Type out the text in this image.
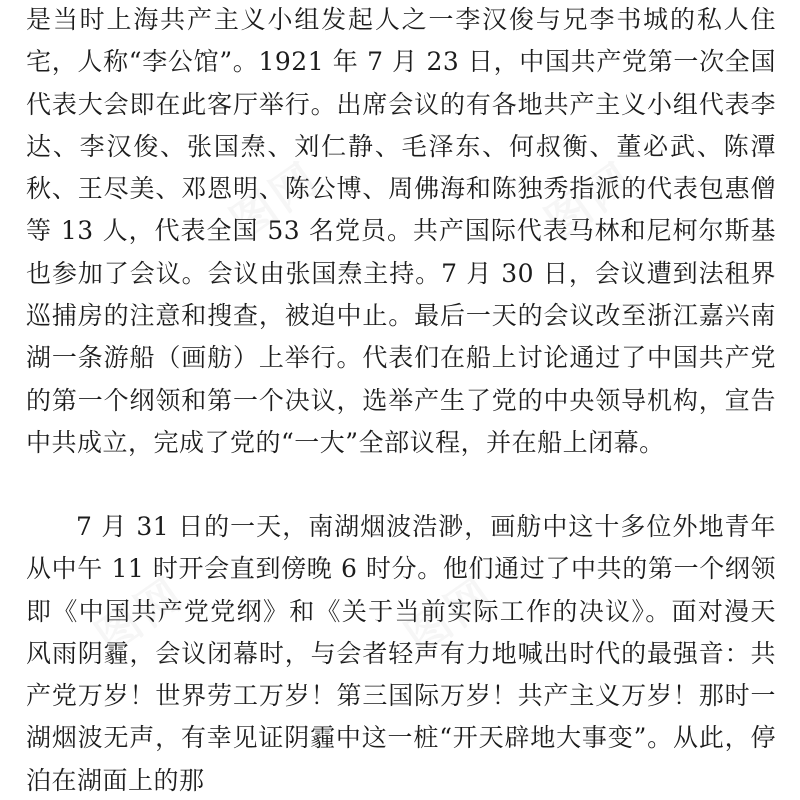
图网	图网
图网	图网

是当时上海共产主义小组发起人之一李汉俊与兄李书城的私人住宅，人称“李公馆”。1921 年 7 月 23 日，中国共产党第一次全国代表大会即在此客厅举行。出席会议的有各地共产主义小组代表李达、李汉俊、张国焘、刘仁静、毛泽东、何叔衡、董必武、陈潭秋、王尽美、邓恩明、陈公博、周佛海和陈独秀指派的代表包惠僧等 13 人，代表全国 53 名党员。共产国际代表马林和尼柯尔斯基也参加了会议。会议由张国焘主持。7 月 30 日，会议遭到法租界巡捕房的注意和搜查，被迫中止。最后一天的会议改至浙江嘉兴南湖一条游船（画舫）上举行。代表们在船上讨论通过了中国共产党的第一个纲领和第一个决议，选举产生了党的中央领导机构，宣告中共成立，完成了党的“一大”全部议程，并在船上闭幕。

7 月 31 日的一天，南湖烟波浩渺，画舫中这十多位外地青年从中午 11 时开会直到傍晚 6 时分。他们通过了中共的第一个纲领即《中国共产党党纲》和《关于当前实际工作的决议》。面对漫天风雨阴霾，会议闭幕时，与会者轻声有力地喊出时代的最强音：共产党万岁！世界劳工万岁！第三国际万岁！共产主义万岁！那时一湖烟波无声，有幸见证阴霾中这一桩“开天辟地大事变”。从此，停泊在湖面上的那
